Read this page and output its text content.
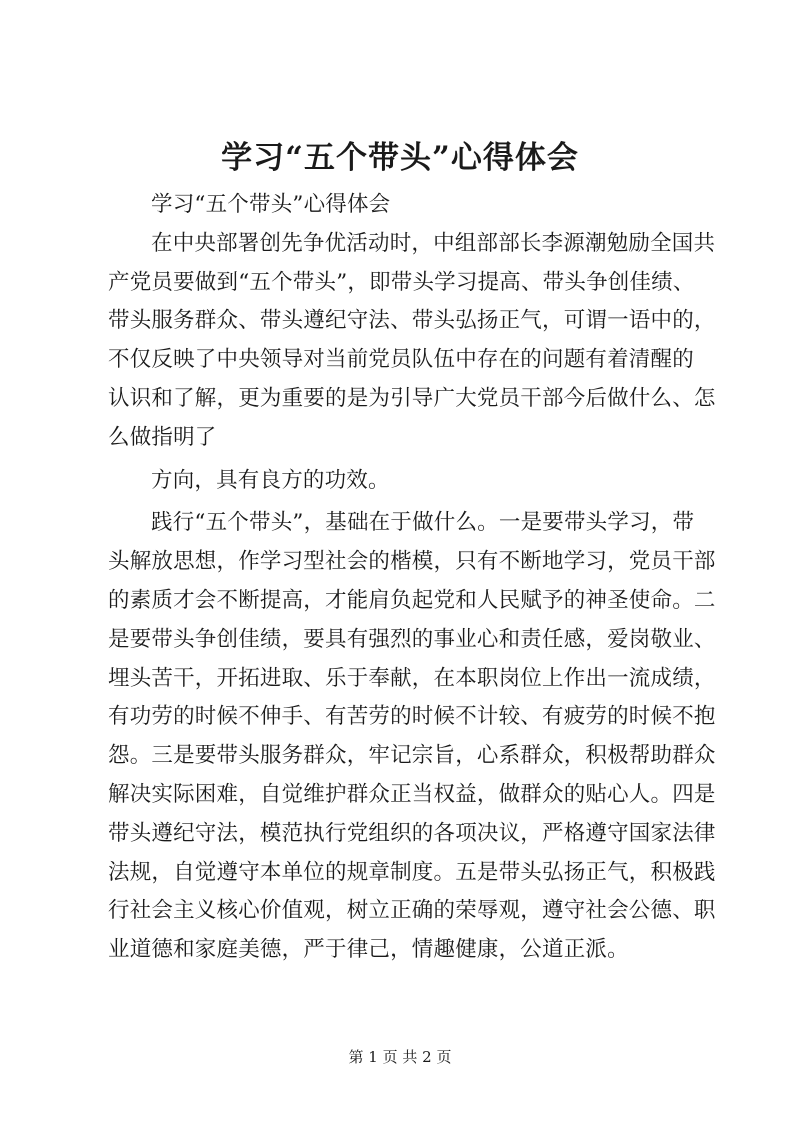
学习“五个带头”心得体会
学习“五个带头”心得体会
在中央部署创先争优活动时，中组部部长李源潮勉励全国共
产党员要做到“五个带头”，即带头学习提高、带头争创佳绩、
带头服务群众、带头遵纪守法、带头弘扬正气，可谓一语中的，
不仅反映了中央领导对当前党员队伍中存在的问题有着清醒的
认识和了解，更为重要的是为引导广大党员干部今后做什么、怎
么做指明了
方向，具有良方的功效。
践行“五个带头”，基础在于做什么。一是要带头学习，带
头解放思想，作学习型社会的楷模，只有不断地学习，党员干部
的素质才会不断提高，才能肩负起党和人民赋予的神圣使命。二
是要带头争创佳绩，要具有强烈的事业心和责任感，爱岗敬业、
埋头苦干，开拓进取、乐于奉献，在本职岗位上作出一流成绩，
有功劳的时候不伸手、有苦劳的时候不计较、有疲劳的时候不抱
怨。三是要带头服务群众，牢记宗旨，心系群众，积极帮助群众
解决实际困难，自觉维护群众正当权益，做群众的贴心人。四是
带头遵纪守法，模范执行党组织的各项决议，严格遵守国家法律
法规，自觉遵守本单位的规章制度。五是带头弘扬正气，积极践
行社会主义核心价值观，树立正确的荣辱观，遵守社会公德、职
业道德和家庭美德，严于律己，情趣健康，公道正派。
第 1 页 共 2 页
